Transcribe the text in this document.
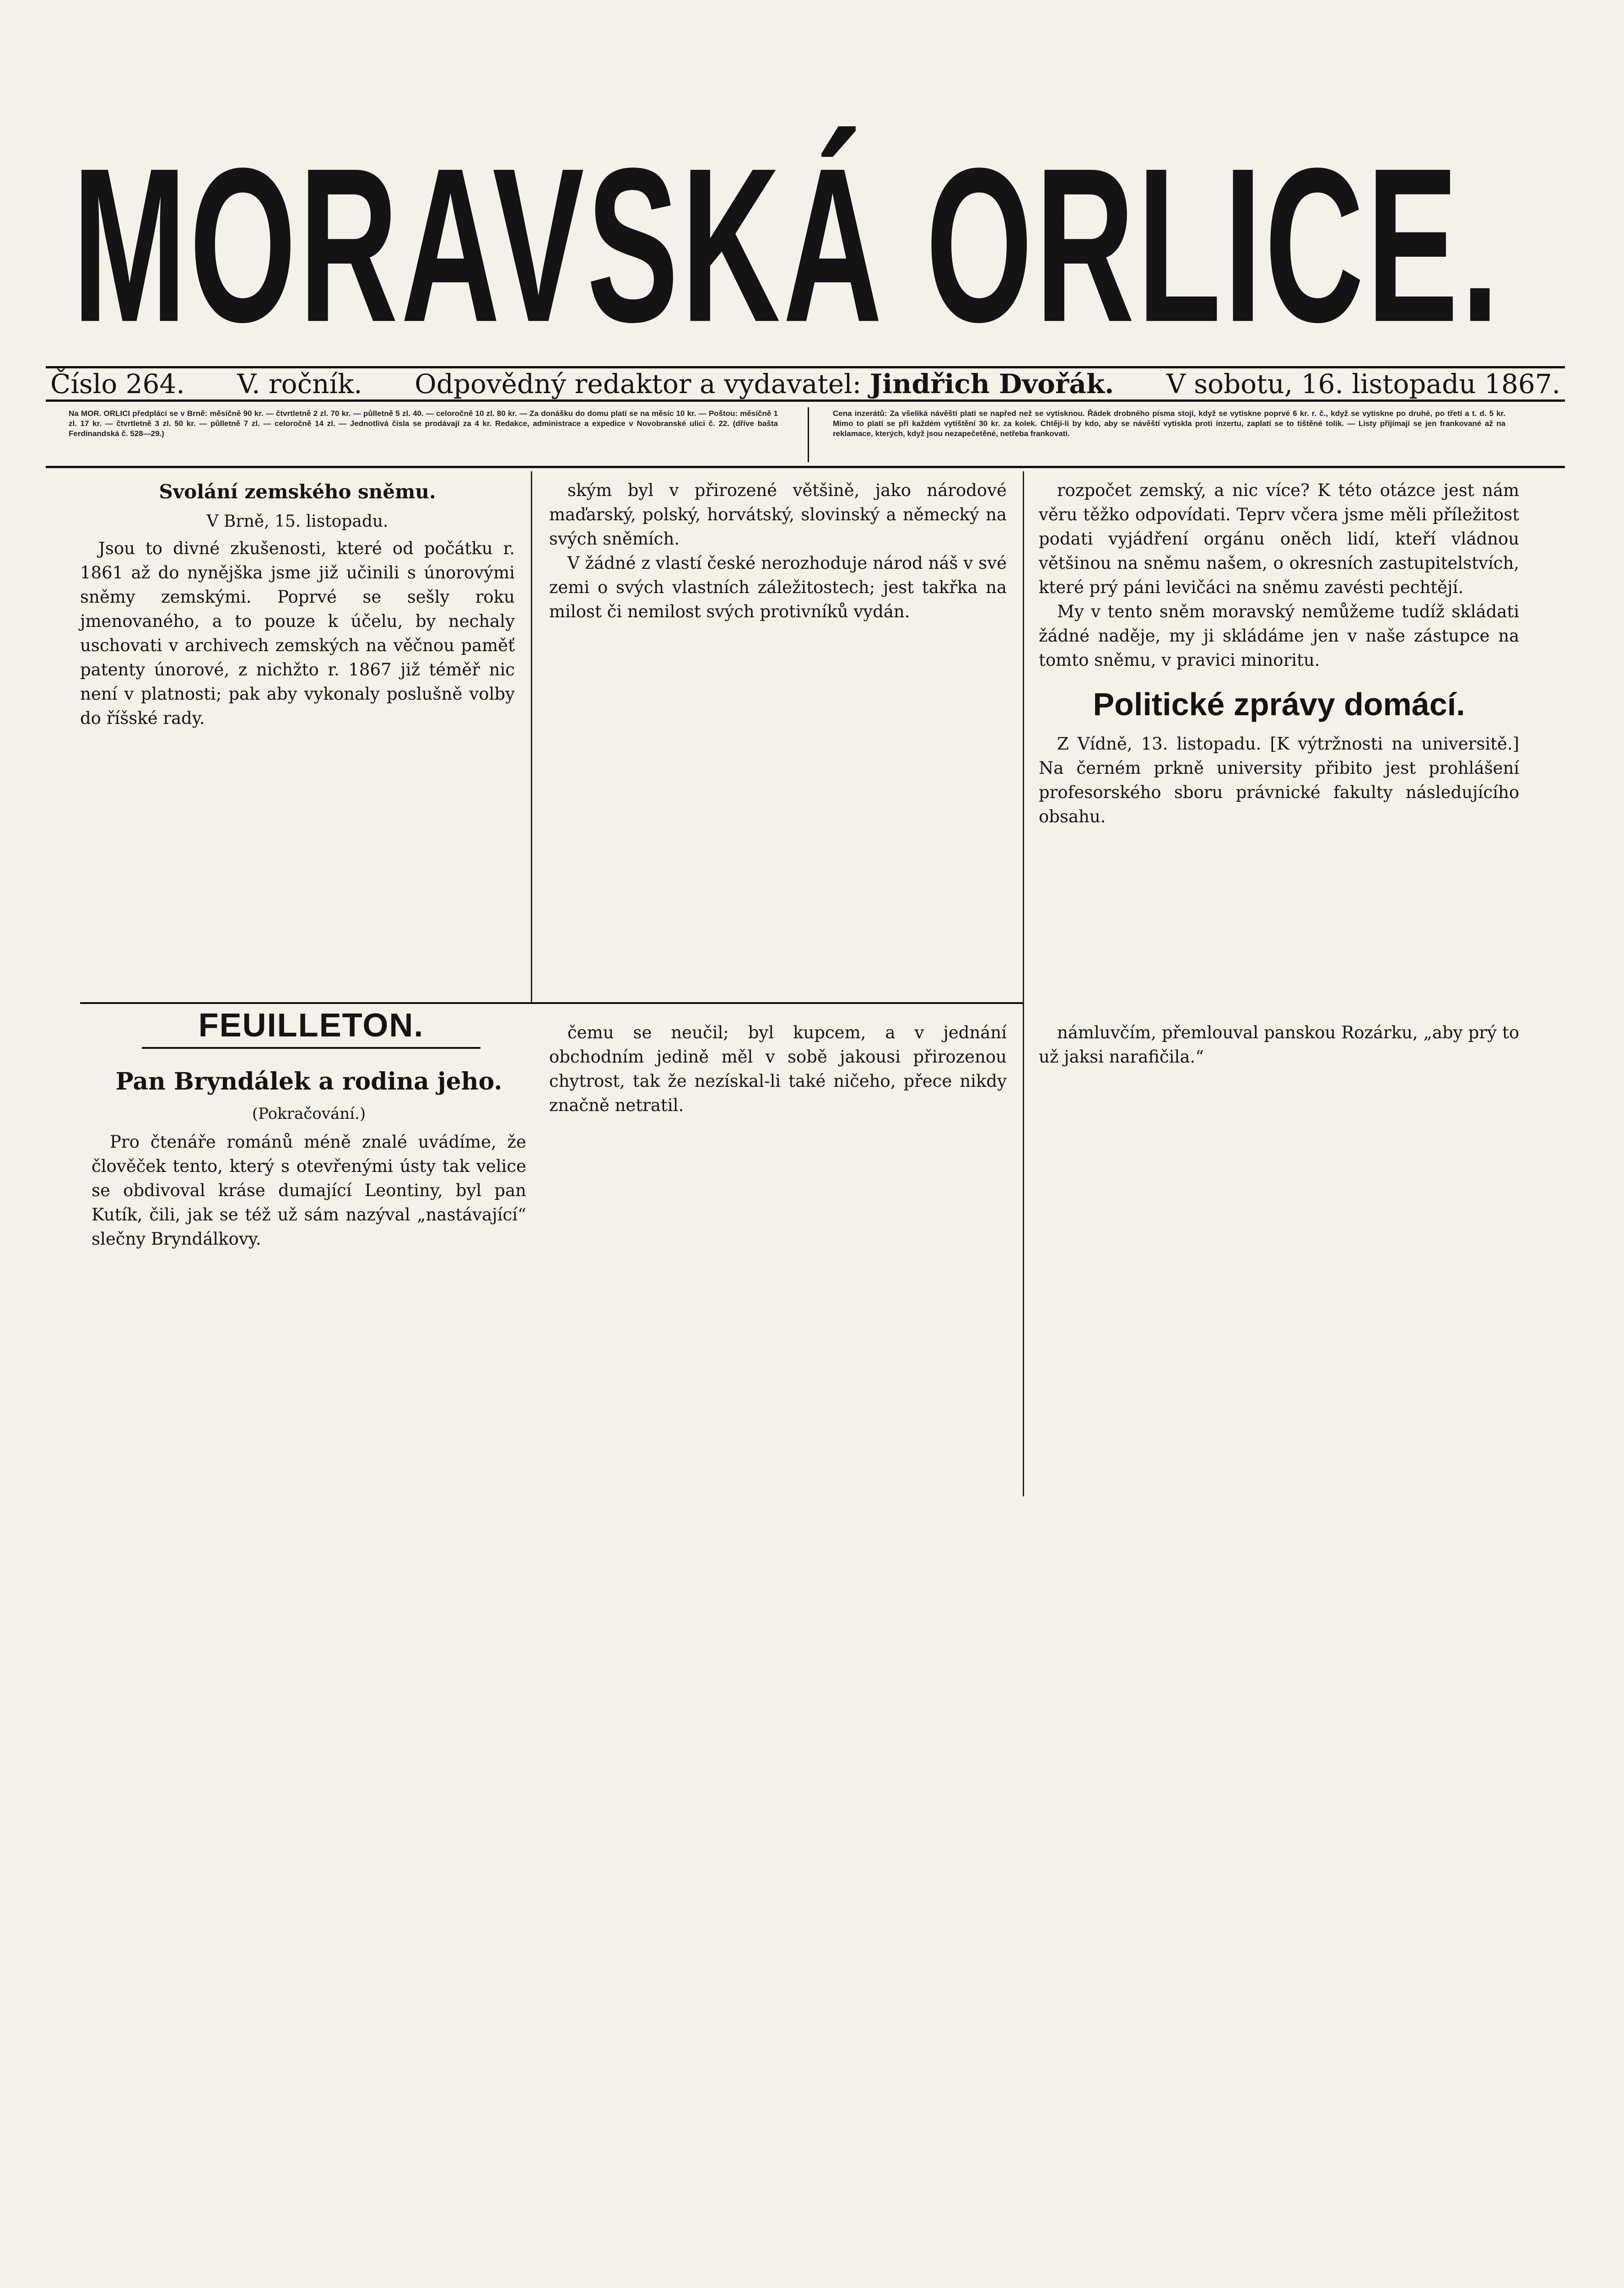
MORAVSKÁ ORLICE.
Číslo 264. V. ročník. Odpovědný redaktor a vydavatel: Jindřich Dvořák. V sobotu, 16. listopadu 1867.
Na MOR. ORLICI předplácí se v Brně: měsíčně 90 kr. — čtvrtletně 2 zl. 70 kr. — půlletně 5 zl. 40. — celoročně 10 zl. 80 kr. — Za donášku do domu platí se na měsíc 10 kr. — Poštou: měsíčně 1 zl. 17 kr. — čtvrtletně 3 zl. 50 kr. — půlletně 7 zl. — celoročně 14 zl. — Jednotlivá čísla se prodávají za 4 kr. Redakce, administrace a expedice v Novobranské ulici č. 22. (dříve bašta Ferdinandská č. 528—29.)
Cena inzerátů: Za všeliká návěští platí se napřed než se vytisknou. Řádek drobného písma stojí, když se vytiskne poprvé 6 kr. r. č., když se vytiskne po druhé, po třetí a t. d. 5 kr. Mimo to platí se při každém vytištění 30 kr. za kolek. Chtějí-li by kdo, aby se návěští vytiskla proti inzertu, zaplatí se to tištěné tolik. — Listy přijímají se jen frankované až na reklamace, kterých, když jsou nezapečetěné, netřeba frankovati.
Svolání zemského sněmu.
V Brně, 15. listopadu.

Jsou to divné zkušenosti, které od počátku r. 1861 až do nynějška jsme již učinili s únorovými sněmy zemskými. Poprvé se sešly roku jmenovaného, a to pouze k účelu, by nechaly uschovati v archivech zemských na věčnou paměť patenty únorové, z nichžto r. 1867 již téměř nic není v platnosti; pak aby vykonaly poslušně volby do říšské rady.

ským byl v přirozené většině, jako národové maďarský, polský, horvátský, slovinský a německý na svých sněmích.

V žádné z vlastí české nerozhoduje národ náš v své zemi o svých vlastních záležitostech; jest takřka na milost či nemilost svých protivníků vydán.

rozpočet zemský, a nic více? K této otázce jest nám věru těžko odpovídati. Teprv včera jsme měli příležitost podati vyjádření orgánu oněch lidí, kteří vládnou většinou na sněmu našem, o okresních zastupitelstvích, které prý páni levičáci na sněmu zavésti pechtějí.

My v tento sněm moravský nemůžeme tudíž skládati žádné naděje, my ji skládáme jen v naše zástupce na tomto sněmu, v pravici minoritu.

Politické zprávy domácí.

Z Vídně, 13. listopadu. [K výtržnosti na universitě.] Na černém prkně university přibito jest prohlášení profesorského sboru právnické fakulty následujícího obsahu.

FEUILLETON.
Pan Bryndálek a rodina jeho.
(Pokračování.)

Pro čtenáře románů méně znalé uvádíme, že člověček tento, který s otevřenými ústy tak velice se obdivoval kráse dumající Leontiny, byl pan Kutík, čili, jak se též už sám nazýval „nastávající“ slečny Bryndálkovy.

čemu se neučil; byl kupcem, a v jednání obchodním jedině měl v sobě jakousi přirozenou chytrost, tak že nezískal-li také ničeho, přece nikdy značně netratil.

námluvčím, přemlouval panskou Rozárku, „aby prý to už jaksi narafičila.“
